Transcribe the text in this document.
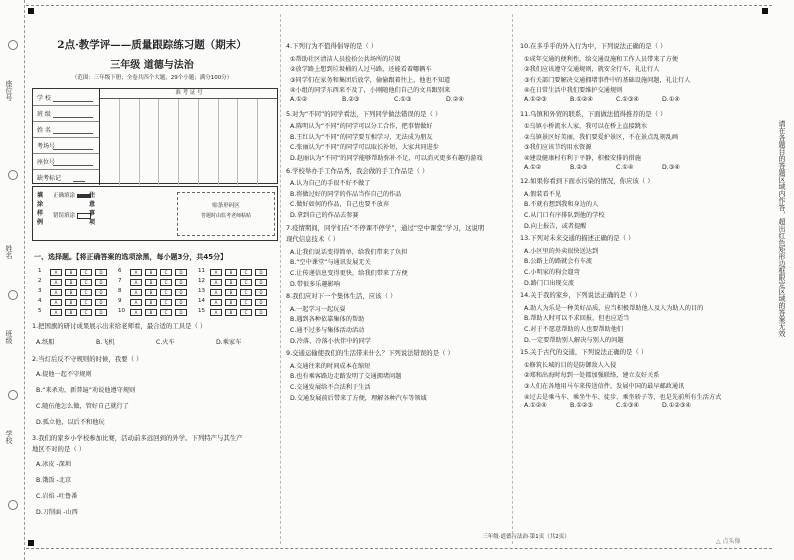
座位号
姓名
班级
学校
2点·教学评——质量跟踪练习题（期末）
三年级 道德与法治
（范围：三年级下册；全卷共四个大题，29个小题；满分100分）
学 校
班 级
姓 名
考场号
座位号
缺考标记
准 考 证 号
填涂样例
正确填涂
错误填涂
注意事项
贴条形码区
答题时由监考老师粘贴
一、选择题。【将正确答案的选项涂黑，每小题3分，共45分】
1	A	B	C	D
2	A	B	C	D
3	A	B	C	D
4	A	B	C	D
5	A	B	C	D
6	A	B	C	D
7	A	B	C	D
8	A	B	C	D
9	A	B	C	D
10	A	B	C	D
11	A	B	C	D
12	A	B	C	D
13	A	B	C	D
14	A	B	C	D
15	A	B	C	D
1.把国旗的研讨成果展示出来给老师看，最合适的工具是（ ）
A.纸船	B.飞机	C.火车	D.乘家车
2.当灯后反不守规则的时候，我要（ ）
A.提他一起不守规则
B.“来杀劝，新普遍”劝说他遵守规则
C.随伍他怎么做，管好自己就行了
D.孤立他，以后不和他玩
3.我们的家乡小学校参加比赛，活动前多远回到的外学。下列特产与其生产
地区不对的是（ ）
A.冰皮 -深圳
B.饿饭 -北京
C.岩焰 -吐鲁番
D.刀削面 -山西
4.下列行为不值得倡导的是（ ）
①帮助社区清洁人员捡拾公共场所的垃圾
②放学路上想到垃圾桶的人过马路，还能看着哪辆车
③同学们在家务和集团后放学，偷偷跟着往上，他也不知道
④小组的同学东西来不及了，小刚随他们自己的文具跟别来
A.①②	B.②③	C.①③	D.②④
5.对为“不同”的同学看法，下列同学做法错误的是（ ）
A.陈明认为“不同”的同学可以分工合作，把事情做好
B.王红认为“不同”的同学要互相学习，无法成为朋友
C.张丽认为“不同”的同学可以取长补短，大家共同进步
D.赵丽认为“不同”的同学能够帮助弥补不足，可以消灭更多有趣的游戏
6.学校举办手工作品秀，我会做的手工作品是（ ）
A.认为自己的手很不好不做了
B.将做过好的同学的作品当作自己的作品
C.做好如何的作品，自己也要不放弃
D.拿到自己的作品去参赛
7.疫情期间，同学们在“不停课不停学”，通过“空中课堂”学习，这说明
现代信息技术（ ）
A.让我们说话变得简单，给我们带来了负担
B.“空中课堂”与通讯发展无关
C.让传递信息变得更快，给我们带来了方便
D.带很多乐趣影响
8.我们应对下一个集体生活，应该（ ）
A.一起学习一起玩耍
B.遇到各种依靠集体的帮助
C.通不过多与集体活动活动
D.冷落、冷落小伙伴中的同学
9.交通运输使我们的生活带来什么？下列说法错误的是（ ）
A.交通往来的时间成本在缩短
B.也有乘客路边走路发明了交通拥堵问题
C.交通发展给不合法利于生活
D.交通发展前后带来了方便，理解各种汽车等领域
10.在多乎乎的外入行为中，下列说法正确的是（ ）
①成年交通的便利性，给交通设施和工作人员带来了方便
②我们应该遵守交通规则，就安全行车，礼让行人
③有关部门要解决交通拥堵事件中的基础设施问题，礼让行人
④在日常生活中我们要维护交通规则
A.①②③	B.①②④	C.①③④	D.①④
11.乌镇和外贸的联系，下面做法值得推荐的是（ ）
①乌镇小桥流水人家，我可以在桥上直接跳水
②乌镇景区好美丽，我们要爱护景区，不在景点乱刻乱画
③我们应该节约用水资源
④建设健康村有利于平静，积极安排的措施
A.①②	B.②③	C.①④	D.③④
12.如果你看到下面水污染的情况，你应该（ ）
A.假装看不见
B.不就有想到我和身边的人
C.从门口有序排队到他的学校
D.向上报告，或者提醒
13.下列对未来交通的描述正确的是（ ）
A.小区里的外卖很快送达到
B.公路上的路就会有车流
C.小明家的狗会遛弯
D.路门口出现交流
14.关于我的家乡，下列说法正确的是（ ）
A.助人为乐是一种美好品质，应当积极帮助他人及人为助人的目的
B.帮助人时可以不求回报，但也应适当
C.对于不愿意帮助的人也要帮助他们
D.一定要帮助别人解决与别人的问题
15.关于古代的交通，下列说法正确的是（ ）
①修筑长城的目的是防御敌人入侵
②郑和出海时每到一处都加强联络，建立友好关系
③人们在各地用马车来传送信件，发展中国的最早邮政通讯
④过去是乘马车、乘坐牛车、徒步、乘坐轿子等，也是先前所有生活方式
A.①②④	B.①②③	C.①③④	D.①②③④
请在各题目的答题区域内作答，超出红色矩形边框限定区域的答案无效
三年级·道德与法治·第1页（共2页）
△ 点头像
